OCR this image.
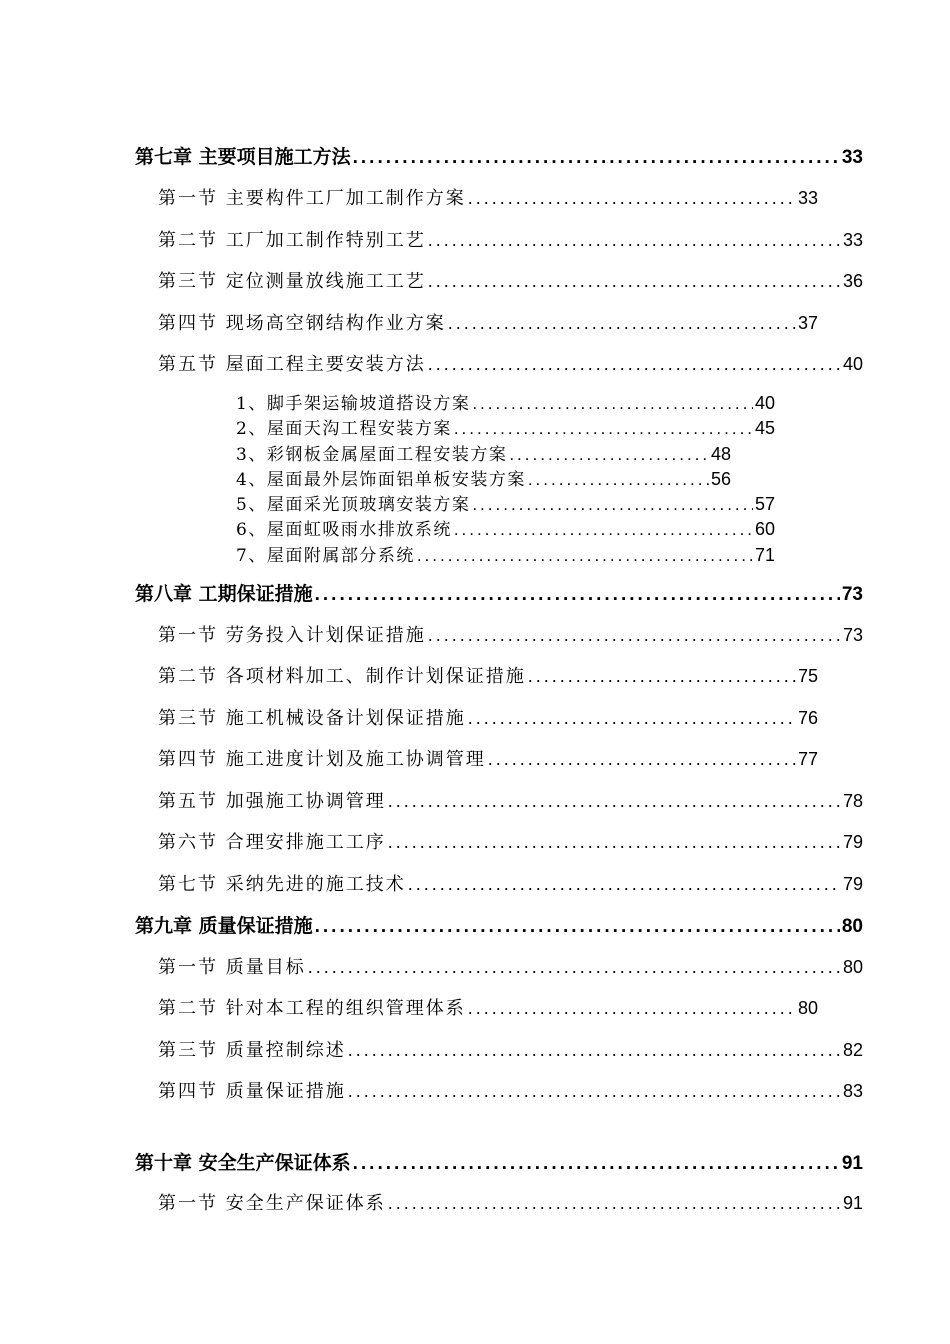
第七章 主要项目施工方法 .....	33
第一节 主要构件工厂加工制作方案 .....	33
第二节 工厂加工制作特别工艺 .....	33
第三节 定位测量放线施工工艺 .....	36
第四节 现场高空钢结构作业方案 .....	37
第五节 屋面工程主要安装方法 .....	40
1、脚手架运输坡道搭设方案 .....	40
2、屋面天沟工程安装方案 .....	45
3、彩钢板金属屋面工程安装方案 .....	48
4、屋面最外层饰面铝单板安装方案 .....	56
5、屋面采光顶玻璃安装方案 .....	57
6、屋面虹吸雨水排放系统 .....	60
7、屋面附属部分系统 .....	71
第八章 工期保证措施 .....	73
第一节 劳务投入计划保证措施 .....	73
第二节 各项材料加工、制作计划保证措施 .....	75
第三节 施工机械设备计划保证措施 .....	76
第四节 施工进度计划及施工协调管理 .....	77
第五节 加强施工协调管理 .....	78
第六节 合理安排施工工序 .....	79
第七节 采纳先进的施工技术 .....	79
第九章 质量保证措施 .....	80
第一节 质量目标 .....	80
第二节 针对本工程的组织管理体系 .....	80
第三节 质量控制综述 .....	82
第四节 质量保证措施 .....	83
第十章 安全生产保证体系 .....	91
第一节 安全生产保证体系 .....	91
